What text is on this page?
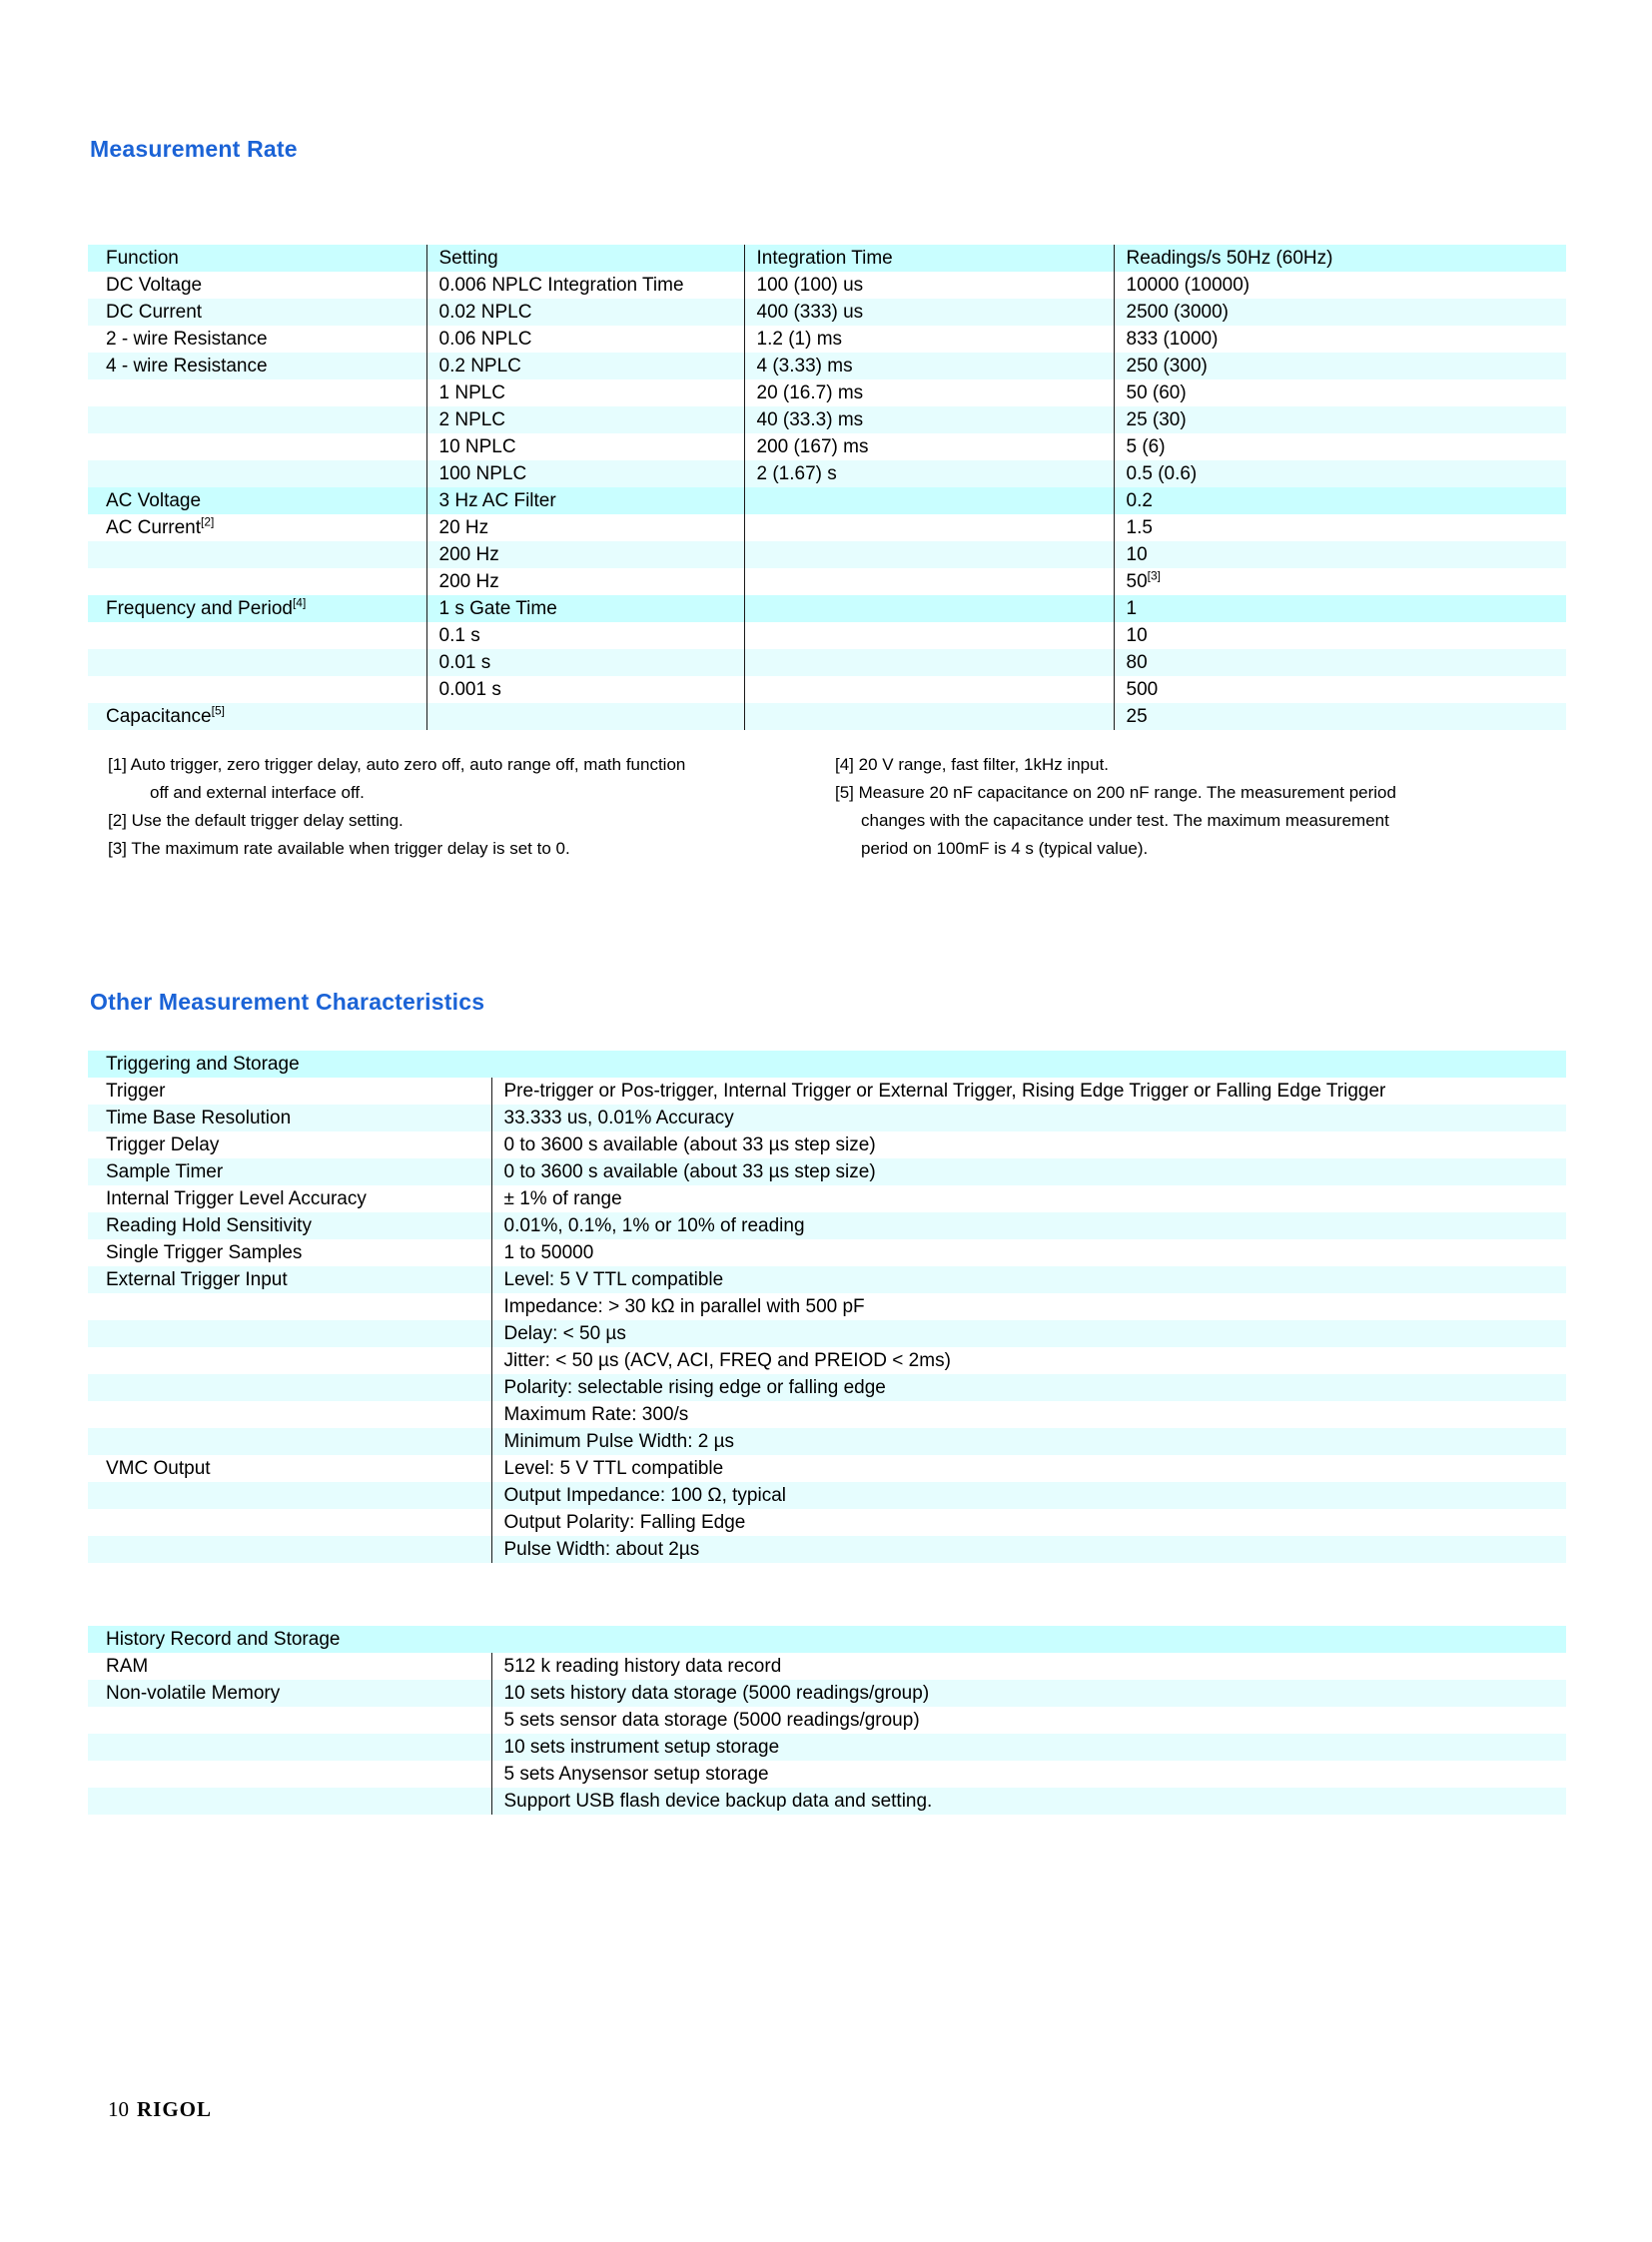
Measurement Rate
Function	Setting	Integration Time	Readings/s 50Hz (60Hz)
DC Voltage	0.006 NPLC Integration Time	100 (100) us	10000 (10000)
DC Current	0.02 NPLC	400 (333) us	2500 (3000)
2 - wire Resistance	0.06 NPLC	1.2 (1) ms	833 (1000)
4 - wire Resistance	0.2 NPLC	4 (3.33) ms	250 (300)
	1 NPLC	20 (16.7) ms	50 (60)
	2 NPLC	40 (33.3) ms	25 (30)
	10 NPLC	200 (167) ms	5 (6)
	100 NPLC	2 (1.67) s	0.5 (0.6)
AC Voltage	3 Hz AC Filter		0.2
AC Current[2]	20 Hz		1.5
	200 Hz		10
	200 Hz		50[3]
Frequency and Period[4]	1 s Gate Time		1
	0.1 s		10
	0.01 s		80
	0.001 s		500
Capacitance[5]			25
[1] Auto trigger, zero trigger delay, auto zero off, auto range off, math function
off and external interface off.
[2] Use the default trigger delay setting.
[3] The maximum rate available when trigger delay is set to 0.
[4] 20 V range, fast filter, 1kHz input.
[5] Measure 20 nF capacitance on 200 nF range. The measurement period
changes with the capacitance under test. The maximum measurement
period on 100mF is 4 s (typical value).
Other Measurement Characteristics
Triggering and Storage	
Trigger	Pre-trigger or Pos-trigger, Internal Trigger or External Trigger, Rising Edge Trigger or Falling Edge Trigger
Time Base Resolution	33.333 us, 0.01% Accuracy
Trigger Delay	0 to 3600 s available (about 33 µs step size)
Sample Timer	0 to 3600 s available (about 33 µs step size)
Internal Trigger Level Accuracy	± 1% of range
Reading Hold Sensitivity	0.01%, 0.1%, 1% or 10% of reading
Single Trigger Samples	1 to 50000
External Trigger Input	Level: 5 V TTL compatible
	Impedance: > 30 kΩ in parallel with 500 pF
	Delay: < 50 µs
	Jitter: < 50 µs (ACV, ACI, FREQ and PREIOD < 2ms)
	Polarity: selectable rising edge or falling edge
	Maximum Rate: 300/s
	Minimum Pulse Width: 2 µs
VMC Output	Level: 5 V TTL compatible
	Output Impedance: 100 Ω, typical
	Output Polarity: Falling Edge
	Pulse Width: about 2µs
History Record and Storage	
RAM	512 k reading history data record
Non-volatile Memory	10 sets history data storage (5000 readings/group)
	5 sets sensor data storage (5000 readings/group)
	10 sets instrument setup storage
	5 sets Anysensor setup storage
	Support USB flash device backup data and setting.
10 RIGOL
